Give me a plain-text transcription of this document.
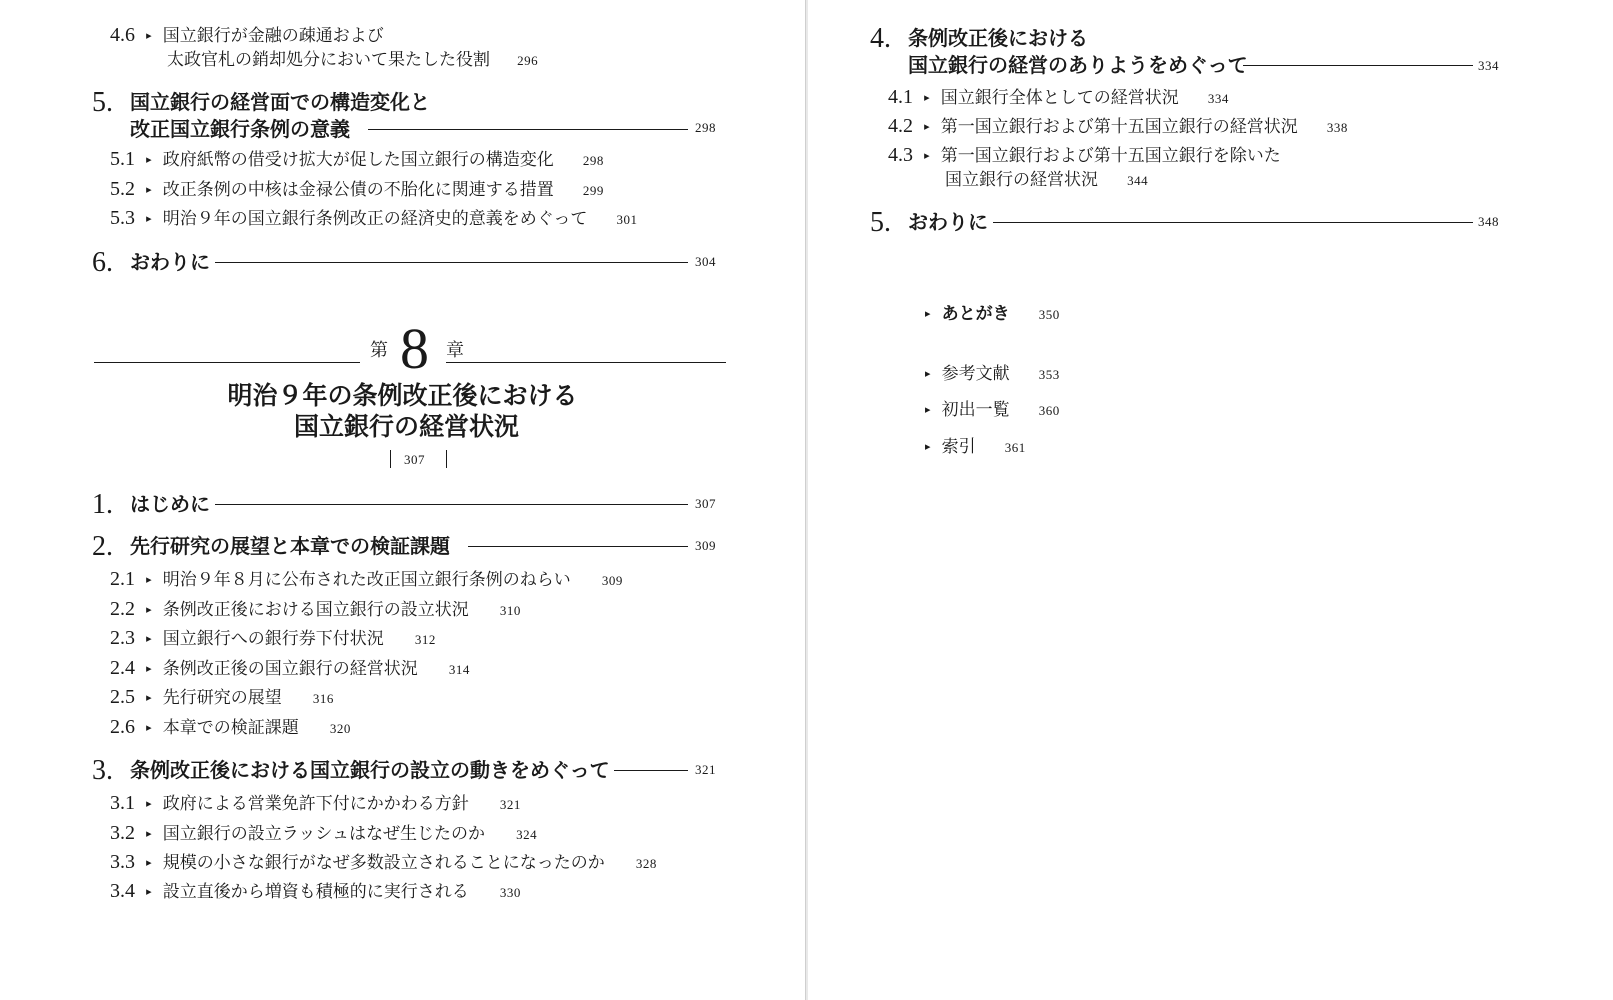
4.6 ▸ 国立銀行が金融の疎通および
太政官札の銷却処分において果たした役割 296
5. 国立銀行の経営面での構造変化と
改正国立銀行条例の意義	298
5.1 ▸ 政府紙幣の借受け拡大が促した国立銀行の構造変化 298
5.2 ▸ 改正条例の中核は金禄公債の不胎化に関連する措置 299
5.3 ▸ 明治９年の国立銀行条例改正の経済史的意義をめぐって 301
6. おわりに	304
第 8 章
明治９年の条例改正後における
国立銀行の経営状況
307
1. はじめに	307
2. 先行研究の展望と本章での検証課題	309
2.1 ▸ 明治９年８月に公布された改正国立銀行条例のねらい 309
2.2 ▸ 条例改正後における国立銀行の設立状況 310
2.3 ▸ 国立銀行への銀行券下付状況 312
2.4 ▸ 条例改正後の国立銀行の経営状況 314
2.5 ▸ 先行研究の展望 316
2.6 ▸ 本章での検証課題 320
3. 条例改正後における国立銀行の設立の動きをめぐって	321
3.1 ▸ 政府による営業免許下付にかかわる方針 321
3.2 ▸ 国立銀行の設立ラッシュはなぜ生じたのか 324
3.3 ▸ 規模の小さな銀行がなぜ多数設立されることになったのか 328
3.4 ▸ 設立直後から増資も積極的に実行される 330
4. 条例改正後における
国立銀行の経営のありようをめぐって	334
4.1 ▸ 国立銀行全体としての経営状況 334
4.2 ▸ 第一国立銀行および第十五国立銀行の経営状況 338
4.3 ▸ 第一国立銀行および第十五国立銀行を除いた
国立銀行の経営状況 344
5. おわりに	348
▸ あとがき 350
▸ 参考文献 353
▸ 初出一覧 360
▸ 索引 361
